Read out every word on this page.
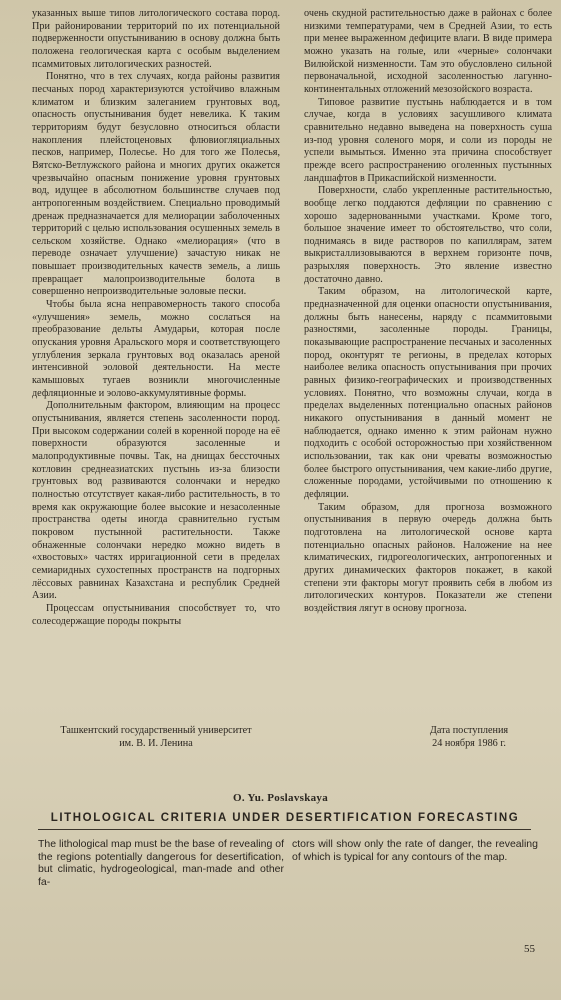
указанных выше типов литологического состава пород. При районировании территорий по их потенциальной подверженности опустыниванию в основу должна быть положена геологическая карта с особым выделением псаммитовых литологических разностей.

Понятно, что в тех случаях, когда районы развития песчаных пород характеризуются устойчиво влажным климатом и близким залеганием грунтовых вод, опасность опустынивания будет невелика. К таким территориям будут безусловно относиться области накопления плейстоценовых флювиогляциальных песков, например, Полесье. Но для того же Полесья, Вятско-Ветлужского района и многих других окажется чрезвычайно опасным понижение уровня грунтовых вод, идущее в абсолютном большинстве случаев под антропогенным воздействием. Специально проводимый дренаж предназначается для мелиорации заболоченных территорий с целью использования осушенных земель в сельском хозяйстве. Однако «мелиорация» (что в переводе означает улучшение) зачастую никак не повышает производительных качеств земель, а лишь превращает малопроизводительные болота в совершенно непроизводительные эоловые пески.

Чтобы была ясна неправомерность такого способа «улучшения» земель, можно сослаться на преобразование дельты Амударьи, которая после опускания уровня Аральского моря и соответствующего углубления зеркала грунтовых вод оказалась ареной интенсивной эоловой деятельности. На месте камышовых тугаев возникли многочисленные дефляционные и эолово-аккумулятивные формы.

Дополнительным фактором, влияющим на процесс опустынивания, является степень засоленности пород. При высоком содержании солей в коренной породе на её поверхности образуются засоленные и малопродуктивные почвы. Так, на днищах бессточных котловин среднеазиатских пустынь из-за близости грунтовых вод развиваются солончаки и нередко полностью отсутствует какая-либо растительность, в то время как окружающие более высокие и незасоленные пространства одеты иногда сравнительно густым покровом пустынной растительности. Также обнаженные солончаки нередко можно видеть в «хвостовых» частях ирригационной сети в пределах семиаридных сухостепных пространств на подгорных лёссовых равнинах Казахстана и республик Средней Азии.

Процессам опустынивания способствует то, что солесодержащие породы покрыты

очень скудной растительностью даже в районах с более низкими температурами, чем в Средней Азии, то есть при менее выраженном дефиците влаги. В виде примера можно указать на голые, или «черные» солончаки Вилюйской низменности. Там это обусловлено сильной первоначальной, исходной засоленностью лагунно-континентальных отложений мезозойского возраста.

Типовое развитие пустынь наблюдается и в том случае, когда в условиях засушливого климата сравнительно недавно выведена на поверхность суша из-под уровня соленого моря, и соли из породы не успели вымыться. Именно эта причина способствует прежде всего распространению оголенных пустынных ландшафтов в Прикаспийской низменности.

Поверхности, слабо укрепленные растительностью, вообще легко поддаются дефляции по сравнению с хорошо задернованными участками. Кроме того, большое значение имеет то обстоятельство, что соли, поднимаясь в виде растворов по капиллярам, затем выкристаллизовываются в верхнем горизонте почв, разрыхляя поверхность. Это явление известно достаточно давно.

Таким образом, на литологической карте, предназначенной для оценки опасности опустынивания, должны быть нанесены, наряду с псаммитовыми разностями, засоленные породы. Границы, показывающие распространение песчаных и засоленных пород, оконтурят те регионы, в пределах которых наиболее велика опасность опустынивания при прочих равных физико-географических и производственных условиях. Понятно, что возможны случаи, когда в пределах выделенных потенциально опасных районов никакого опустынивания в данный момент не наблюдается, однако именно к этим районам нужно подходить с особой осторожностью при хозяйственном использовании, так как они чреваты возможностью более быстрого опустынивания, чем какие-либо другие, сложенные породами, устойчивыми по отношению к дефляции.

Таким образом, для прогноза возможного опустынивания в первую очередь должна быть подготовлена на литологической основе карта потенциально опасных районов. Наложение на нее климатических, гидрогеологических, антропогенных и других динамических факторов покажет, в какой степени эти факторы могут проявить себя в любом из литологических контуров. Показатели же степени воздействия лягут в основу прогноза.

Ташкентский государственный университет
им. В. И. Ленина
Дата поступления
24 ноября 1986 г.
O. Yu. Poslavskaya
LITHOLOGICAL CRITERIA UNDER DESERTIFICATION FORECASTING
The lithological map must be the base of revealing of the regions potentially dangerous for desertification, but climatic, hydrogeological, man-made and other fa-
ctors will show only the rate of danger, the revealing of which is typical for any contours of the map.
55
